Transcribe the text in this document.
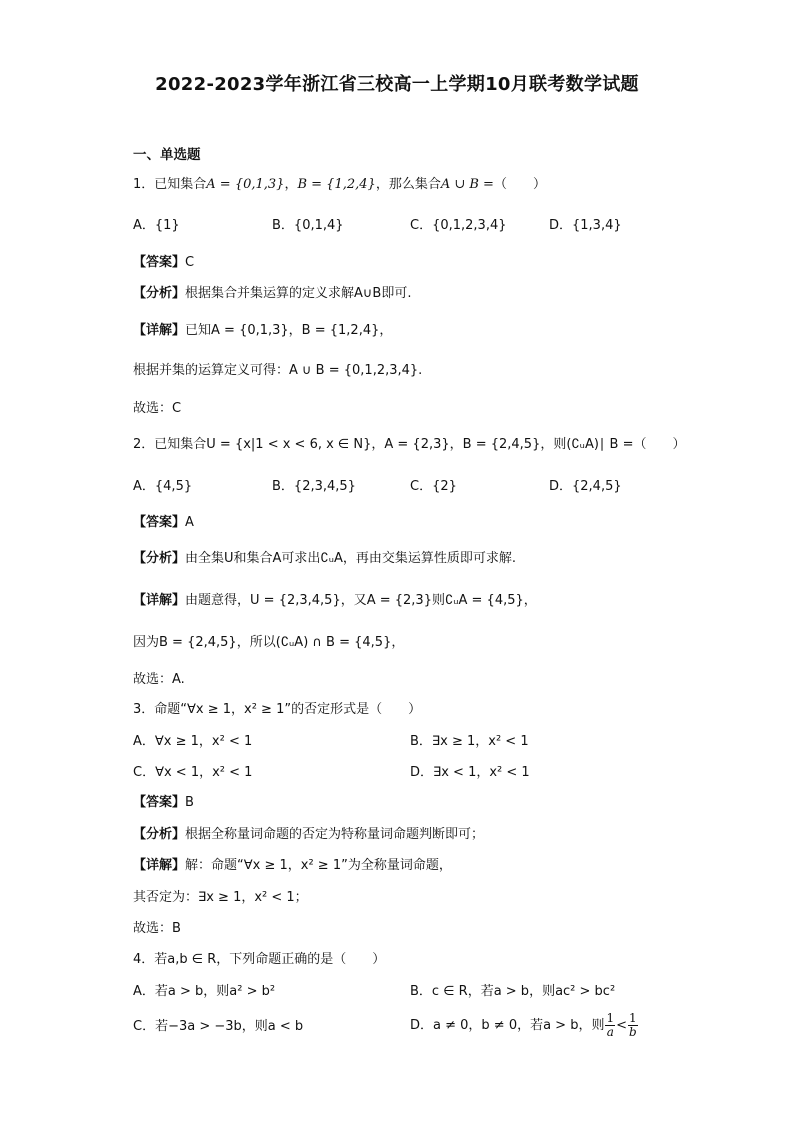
2022-2023学年浙江省三校高一上学期10月联考数学试题
一、单选题
1．已知集合A = {0,1,3}，B = {1,2,4}，那么集合A ∪ B =（　　）
A．{1}	B．{0,1,4}	C．{0,1,2,3,4}	D．{1,3,4}
【答案】C
【分析】根据集合并集运算的定义求解A∪B即可.
【详解】已知A = {0,1,3}，B = {1,2,4}，
根据并集的运算定义可得：A ∪ B = {0,1,2,3,4}.
故选：C
2．已知集合U = {x|1 < x < 6, x ∈ N}，A = {2,3}，B = {2,4,5}，则(∁ᵤA)∣ B =（　　）
A．{4,5}	B．{2,3,4,5}	C．{2}	D．{2,4,5}
【答案】A
【分析】由全集U和集合A可求出∁ᵤA，再由交集运算性质即可求解.
【详解】由题意得，U = {2,3,4,5}，又A = {2,3}则∁ᵤA = {4,5}，
因为B = {2,4,5}，所以(∁ᵤA) ∩ B = {4,5}，
故选：A.
3．命题“∀x ≥ 1，x² ≥ 1”的否定形式是（　　）
A．∀x ≥ 1，x² < 1	B．∃x ≥ 1，x² < 1
C．∀x < 1，x² < 1	D．∃x < 1，x² < 1
【答案】B
【分析】根据全称量词命题的否定为特称量词命题判断即可；
【详解】解：命题“∀x ≥ 1，x² ≥ 1”为全称量词命题，
其否定为：∃x ≥ 1，x² < 1；
故选：B
4．若a,b ∈ R，下列命题正确的是（　　）
A．若a > b，则a² > b²	B．c ∈ R，若a > b，则ac² > bc²
C．若−3a > −3b，则a < b	D．a ≠ 0，b ≠ 0，若a > b，则 $\frac{1}{a} < \frac{1}{b}$
